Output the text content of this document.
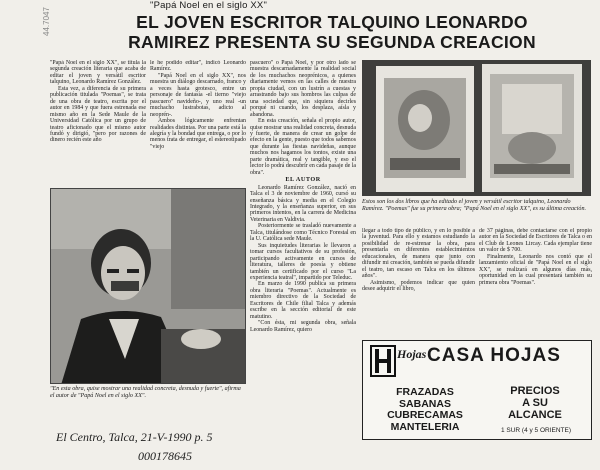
"Papá Noel en el siglo XX"
44.7047	EL JOVEN ESCRITOR TALQUINO LEONARDO
RAMIREZ PRESENTA SU SEGUNDA CREACION

"Papá Noel en el siglo XX", se titula la segunda creación literaria que acaba de editar el joven y versátil escritor talquino, Leonardo Ramírez González.

Esta vez, a diferencia de su primera publicación titulada "Poemas", se trata de una obra de teatro, escrita por el autor en 1984 y que fuera estrenada ese mismo año en la Sede Maule de la Universidad Católica por un grupo de teatro aficionado que el mismo autor fundó y dirigió, "pero por razones de dinero recién este año

le he podido editar", indicó Leonardo Ramírez.

"Papá Noel en el siglo XX", nos muestra un diálogo descarnado, franco y a veces hasta grotesco, entre un personaje de fantasía -el tierno "viejo pascuero" navideño-, y uno real -un muchacho lustrabotas, adicto al neoprén-.

Ambos lógicamente enfrentan realidades distintas. Por una parte está la alegría y la bondad que entrega, o por lo menos trata de entregar, el estereotipado "viejo

"En esta obra, quise mostrar una realidad concreta, desnuda y fuerte", afirma el autor de "Papá Noel en el siglo XX".

pascuero" o Papá Noel, y por otro lado se muestra descarnadamente la realidad social de los muchachos neoprénicos, a quienes diariamente vemos en las calles de nuestra propia ciudad, con un lustrín a cuestas y arrastrando bajo sus hombros las culpas de una sociedad que, sin siquiera decirles porqué ni cuando, los desplaza, aísla y abandona.

En esta creación, señala el propio autor, quise mostrar una realidad concreta, desnuda y fuerte, de manera de crear un golpe de efecto en la gente, puesto que todos sabemos que durante las fiestas navideñas, aunque muchos nos hagamos los tontos, existe una parte dramática, real y tangible, y eso el lector lo podrá descubrir en cada pasaje de la obra".

EL AUTOR

Leonardo Ramírez González, nació en Talca el 3 de noviembre de 1960, cursó su enseñanza básica y media en el Colegio Integrado, y la enseñanza superior, en sus primeros intentos, en la carrera de Medicina Veterinaria en Valdivia.

Posteriormente se trasladó nuevamente a Talca, titulándose como Técnico Forestal en la U. Católica sede Maule.

Sus inquietudes literarias le llevaron a tomar cursos facultativos de su profesión, participando activamente en cursos de literatura, talleres de poesía y obtiene también un certificado por el curso "La experiencia teatral", impartido por Teleduc.

En marzo de 1990 publica su primera obra literaria "Poemas". Actualmente es miembro directivo de la Sociedad de Escritores de Chile filial Talca y además escribe en la sección editorial de este matutino.

"Con ésta, mi segunda obra, señala Leonardo Ramírez, quiero

Estos son los dos libros que ha editado el joven y versátil escritor talquino, Leonardo Ramírez. "Poemas" fue su primera obra; "Papá Noel en el siglo XX", es su última creación.

llegar a todo tipo de público, y en lo posible a la juventud. Para ello y estamos estudiando la posibilidad de re-estrenar la obra, para presentarla en diferentes establecimientos educacionales, de manera que junto con difundir mi creación, también se pueda difundir el teatro, tan escaso en Talca en los últimos años".

Asimismo, podemos indicar que quien desee adquirir el libro,

de 37 páginas, debe contactarse con el propio autor en la Sociedad de Escritores de Talca o en el Club de Leones Lircay. Cada ejemplar tiene un valor de $ 700.

Finalmente, Leonardo nos contó que el lanzamiento oficial de "Papá Noel en el siglo XX", se realizará en algunos días más, oportunidad en la cual presentará también su primera obra "Poemas".

Hojas CASA HOJAS
FRAZADAS
SABANAS
CUBRECAMAS
MANTELERIA
PRECIOS
A SU
ALCANCE
1 SUR (4 y 5 ORIENTE)
El Centro, Talca, 21-V-1990 p. 5
000178645
